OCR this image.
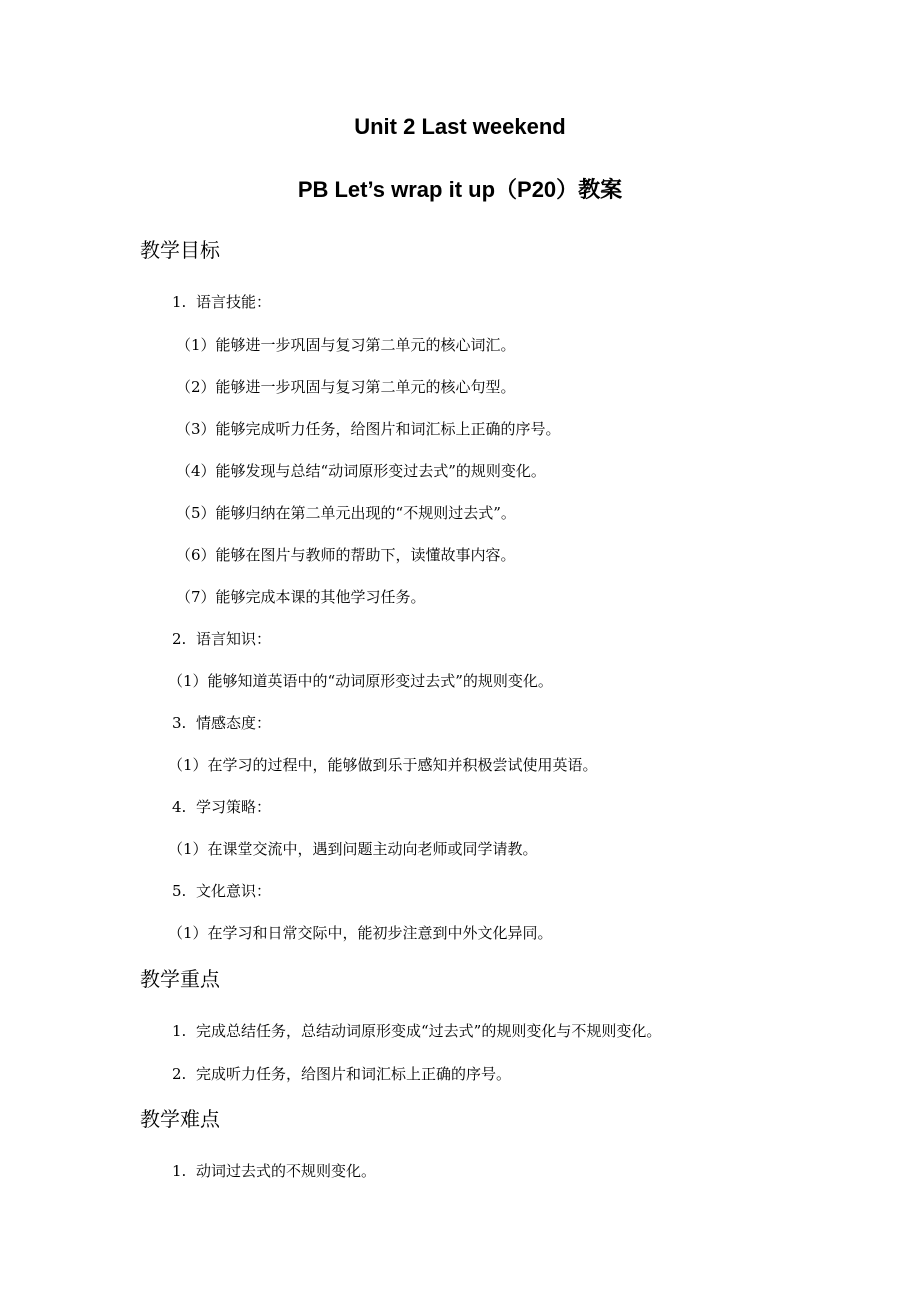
Unit 2 Last weekend
PB Let’s wrap it up（P20）教案
教学目标

1. 语言技能：

（1）能够进一步巩固与复习第二单元的核心词汇。

（2）能够进一步巩固与复习第二单元的核心句型。

（3）能够完成听力任务，给图片和词汇标上正确的序号。

（4）能够发现与总结“动词原形变过去式”的规则变化。

（5）能够归纳在第二单元出现的“不规则过去式”。

（6）能够在图片与教师的帮助下，读懂故事内容。

（7）能够完成本课的其他学习任务。

2. 语言知识：

（1）能够知道英语中的“动词原形变过去式”的规则变化。

3. 情感态度：

（1）在学习的过程中，能够做到乐于感知并积极尝试使用英语。

4. 学习策略：

（1）在课堂交流中，遇到问题主动向老师或同学请教。

5. 文化意识：

（1）在学习和日常交际中，能初步注意到中外文化异同。

教学重点

1. 完成总结任务，总结动词原形变成“过去式”的规则变化与不规则变化。

2. 完成听力任务，给图片和词汇标上正确的序号。

教学难点

1. 动词过去式的不规则变化。
